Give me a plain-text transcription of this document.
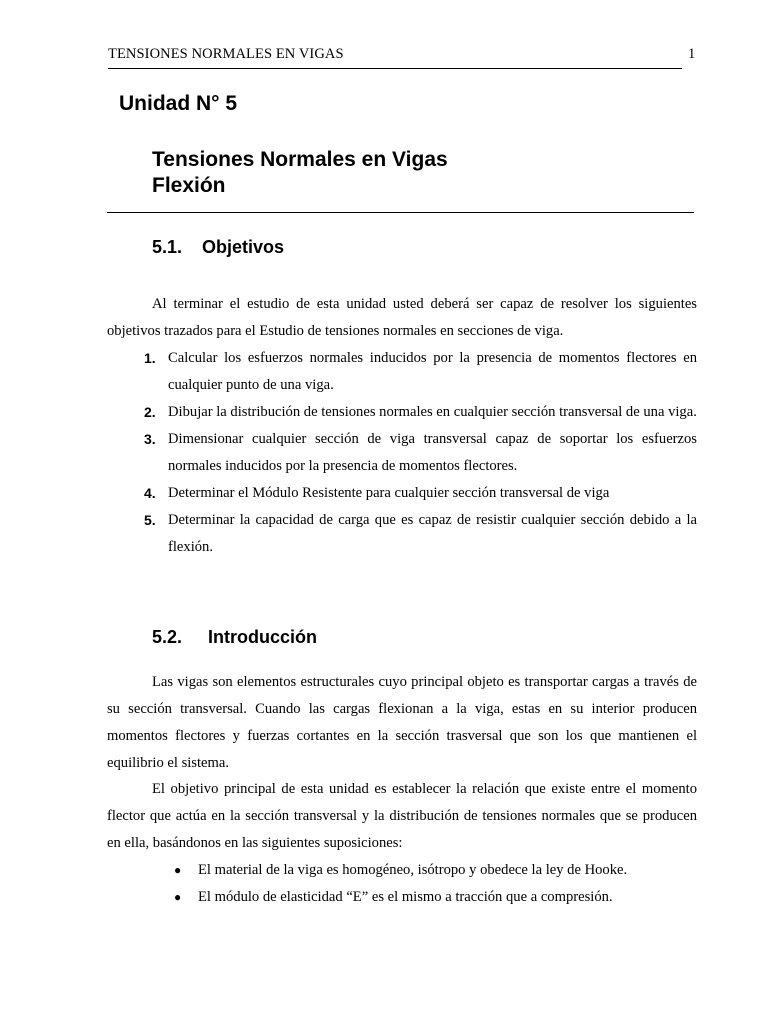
TENSIONES NORMALES EN VIGAS	1
Unidad N° 5
Tensiones Normales en Vigas
Flexión
5.1. Objetivos

Al terminar el estudio de esta unidad usted deberá ser capaz de resolver los siguientes objetivos trazados para el Estudio de tensiones normales en secciones de viga.

1. Calcular los esfuerzos normales inducidos por la presencia de momentos flectores en cualquier punto de una viga.
2. Dibujar la distribución de tensiones normales en cualquier sección transversal de una viga.
3. Dimensionar cualquier sección de viga transversal capaz de soportar los esfuerzos normales inducidos por la presencia de momentos flectores.
4. Determinar el Módulo Resistente para cualquier sección transversal de viga
5. Determinar la capacidad de carga que es capaz de resistir cualquier sección debido a la flexión.
5.2. Introducción

Las vigas son elementos estructurales cuyo principal objeto es transportar cargas a través de su sección transversal. Cuando las cargas flexionan a la viga, estas en su interior producen momentos flectores y fuerzas cortantes en la sección trasversal que son los que mantienen el equilibrio el sistema.

El objetivo principal de esta unidad es establecer la relación que existe entre el momento flector que actúa en la sección transversal y la distribución de tensiones normales que se producen en ella, basándonos en las siguientes suposiciones:

● El material de la viga es homogéneo, isótropo y obedece la ley de Hooke.
● El módulo de elasticidad “E” es el mismo a tracción que a compresión.
